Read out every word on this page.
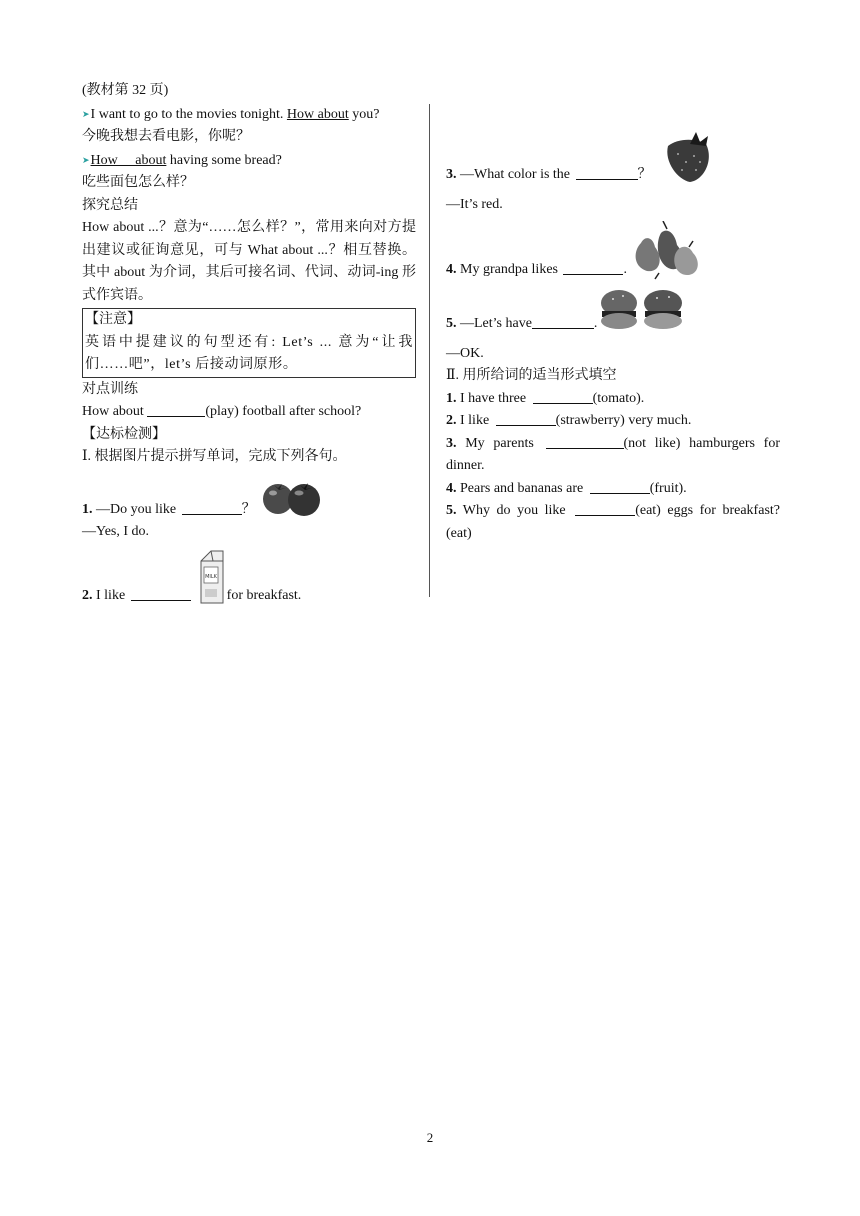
(教材第 32 页)
➤I want to go to the movies tonight. How about you?
今晚我想去看电影，你呢？
➤How about having some bread?
吃些面包怎么样？
探究总结
How about ...？意为“……怎么样？”，常用来向对方提出建议或征询意见，可与 What about ...？相互替换。其中 about 为介词，其后可接名词、代词、动词-ing 形式作宾语。
【注意】
英语中提建议的句型还有: Let’s ... 意为“让我们……吧”，let’s 后接动词原形。
对点训练
How about	(play) football after school?
【达标检测】
Ⅰ. 根据图片提示拼写单词，完成下列各句。
1. —Do you like	？
—Yes, I do.
2. I like
MILK
for breakfast.
3. —What color is the	？
—It’s red.
4. My grandpa likes	.
5. —Let’s have	.
—OK.
Ⅱ. 用所给词的适当形式填空
1. I have three	(tomato).
2. I like	(strawberry) very much.
3. My parents	(not like) hamburgers for dinner.
4. Pears and bananas are	(fruit).
5. Why do you like	(eat) eggs for breakfast? (eat)
2
